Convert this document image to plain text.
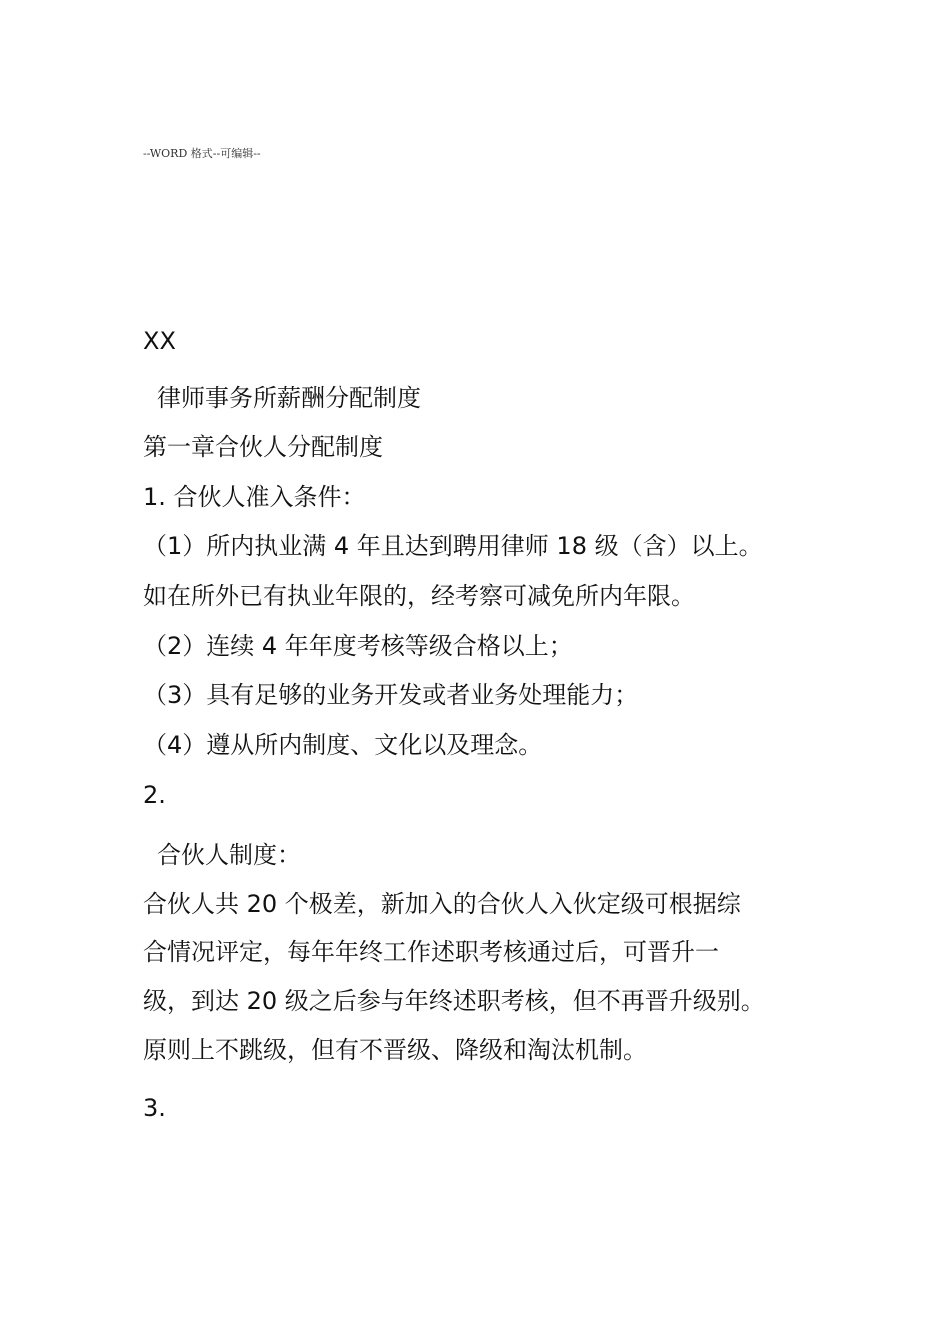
--WORD 格式--可编辑--
XX
律师事务所薪酬分配制度
第一章合伙人分配制度
1. 合伙人准入条件：
（1）所内执业满 4 年且达到聘用律师 18 级（含）以上。
如在所外已有执业年限的，经考察可减免所内年限。
（2）连续 4 年年度考核等级合格以上；
（3）具有足够的业务开发或者业务处理能力；
（4）遵从所内制度、文化以及理念。
2.
合伙人制度：
合伙人共 20 个极差，新加入的合伙人入伙定级可根据综
合情况评定，每年年终工作述职考核通过后，可晋升一
级，到达 20 级之后参与年终述职考核，但不再晋升级别。
原则上不跳级，但有不晋级、降级和淘汰机制。
3.
